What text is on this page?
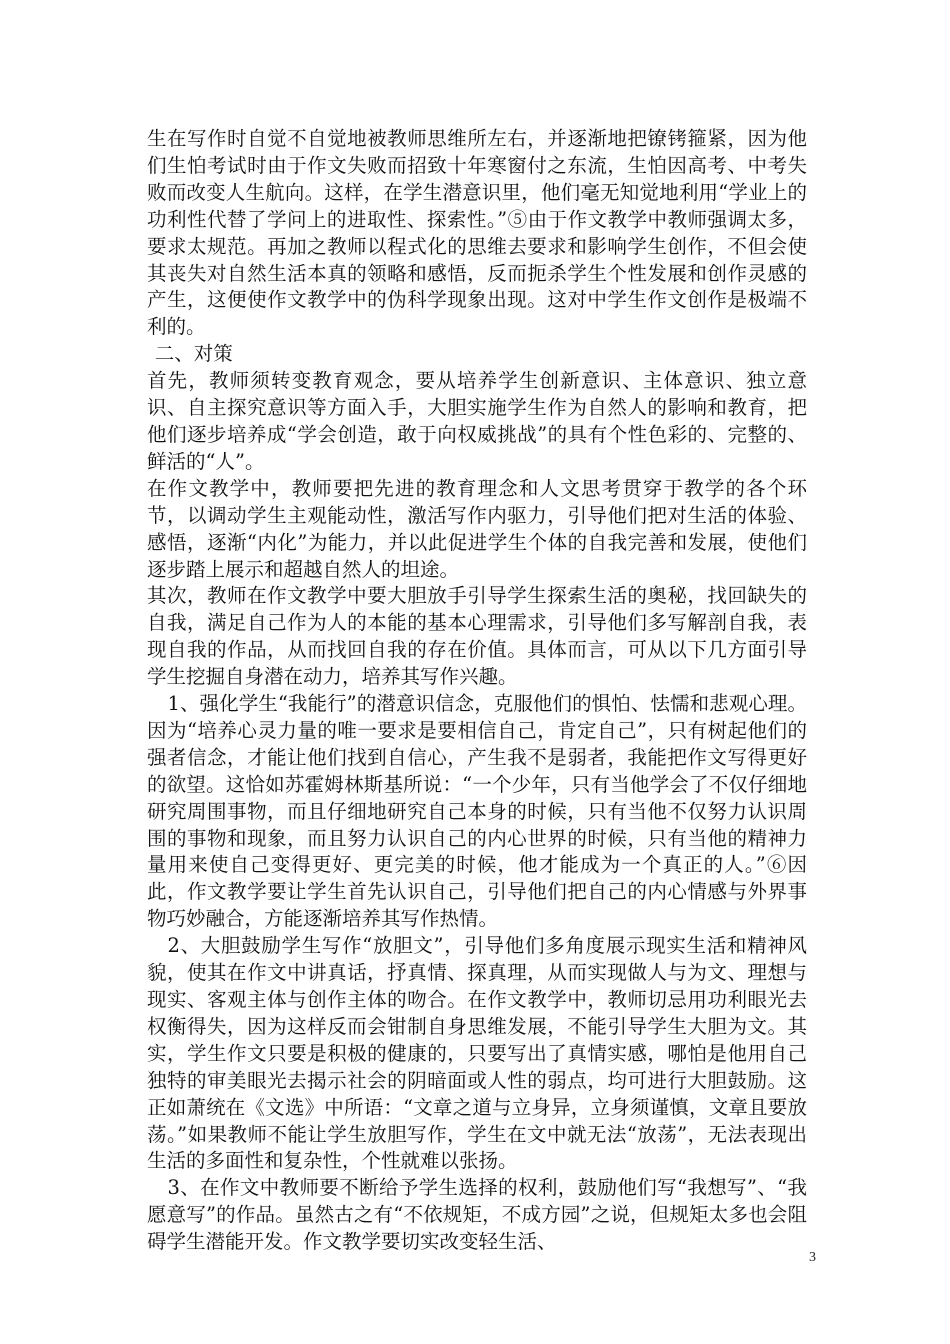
生在写作时自觉不自觉地被教师思维所左右，并逐渐地把镣铐箍紧，因为他们生怕考试时由于作文失败而招致十年寒窗付之东流，生怕因高考、中考失败而改变人生航向。这样，在学生潜意识里，他们毫无知觉地利用“学业上的功利性代替了学问上的进取性、探索性。”⑤由于作文教学中教师强调太多，要求太规范。再加之教师以程式化的思维去要求和影响学生创作，不但会使其丧失对自然生活本真的领略和感悟，反而扼杀学生个性发展和创作灵感的产生，这便使作文教学中的伪科学现象出现。这对中学生作文创作是极端不利的。

二、对策

首先，教师须转变教育观念，要从培养学生创新意识、主体意识、独立意识、自主探究意识等方面入手，大胆实施学生作为自然人的影响和教育，把他们逐步培养成“学会创造，敢于向权威挑战”的具有个性色彩的、完整的、鲜活的“人”。

在作文教学中，教师要把先进的教育理念和人文思考贯穿于教学的各个环节，以调动学生主观能动性，激活写作内驱力，引导他们把对生活的体验、感悟，逐渐“内化”为能力，并以此促进学生个体的自我完善和发展，使他们逐步踏上展示和超越自然人的坦途。

其次，教师在作文教学中要大胆放手引导学生探索生活的奥秘，找回缺失的自我，满足自己作为人的本能的基本心理需求，引导他们多写解剖自我，表现自我的作品，从而找回自我的存在价值。具体而言，可从以下几方面引导学生挖掘自身潜在动力，培养其写作兴趣。

1、强化学生“我能行”的潜意识信念，克服他们的惧怕、怯懦和悲观心理。因为“培养心灵力量的唯一要求是要相信自己，肯定自己”，只有树起他们的强者信念，才能让他们找到自信心，产生我不是弱者，我能把作文写得更好的欲望。这恰如苏霍姆林斯基所说：“一个少年，只有当他学会了不仅仔细地研究周围事物，而且仔细地研究自己本身的时候，只有当他不仅努力认识周围的事物和现象，而且努力认识自己的内心世界的时候，只有当他的精神力量用来使自己变得更好、更完美的时候，他才能成为一个真正的人。”⑥因此，作文教学要让学生首先认识自己，引导他们把自己的内心情感与外界事物巧妙融合，方能逐渐培养其写作热情。

2、大胆鼓励学生写作“放胆文”，引导他们多角度展示现实生活和精神风貌，使其在作文中讲真话，抒真情、探真理，从而实现做人与为文、理想与现实、客观主体与创作主体的吻合。在作文教学中，教师切忌用功利眼光去权衡得失，因为这样反而会钳制自身思维发展，不能引导学生大胆为文。其实，学生作文只要是积极的健康的，只要写出了真情实感，哪怕是他用自己独特的审美眼光去揭示社会的阴暗面或人性的弱点，均可进行大胆鼓励。这正如萧统在《文选》中所语：“文章之道与立身异，立身须谨慎，文章且要放荡。”如果教师不能让学生放胆写作，学生在文中就无法“放荡”，无法表现出生活的多面性和复杂性，个性就难以张扬。

3、在作文中教师要不断给予学生选择的权利，鼓励他们写“我想写”、“我愿意写”的作品。虽然古之有“不依规矩，不成方园”之说，但规矩太多也会阻碍学生潜能开发。作文教学要切实改变轻生活、

3
